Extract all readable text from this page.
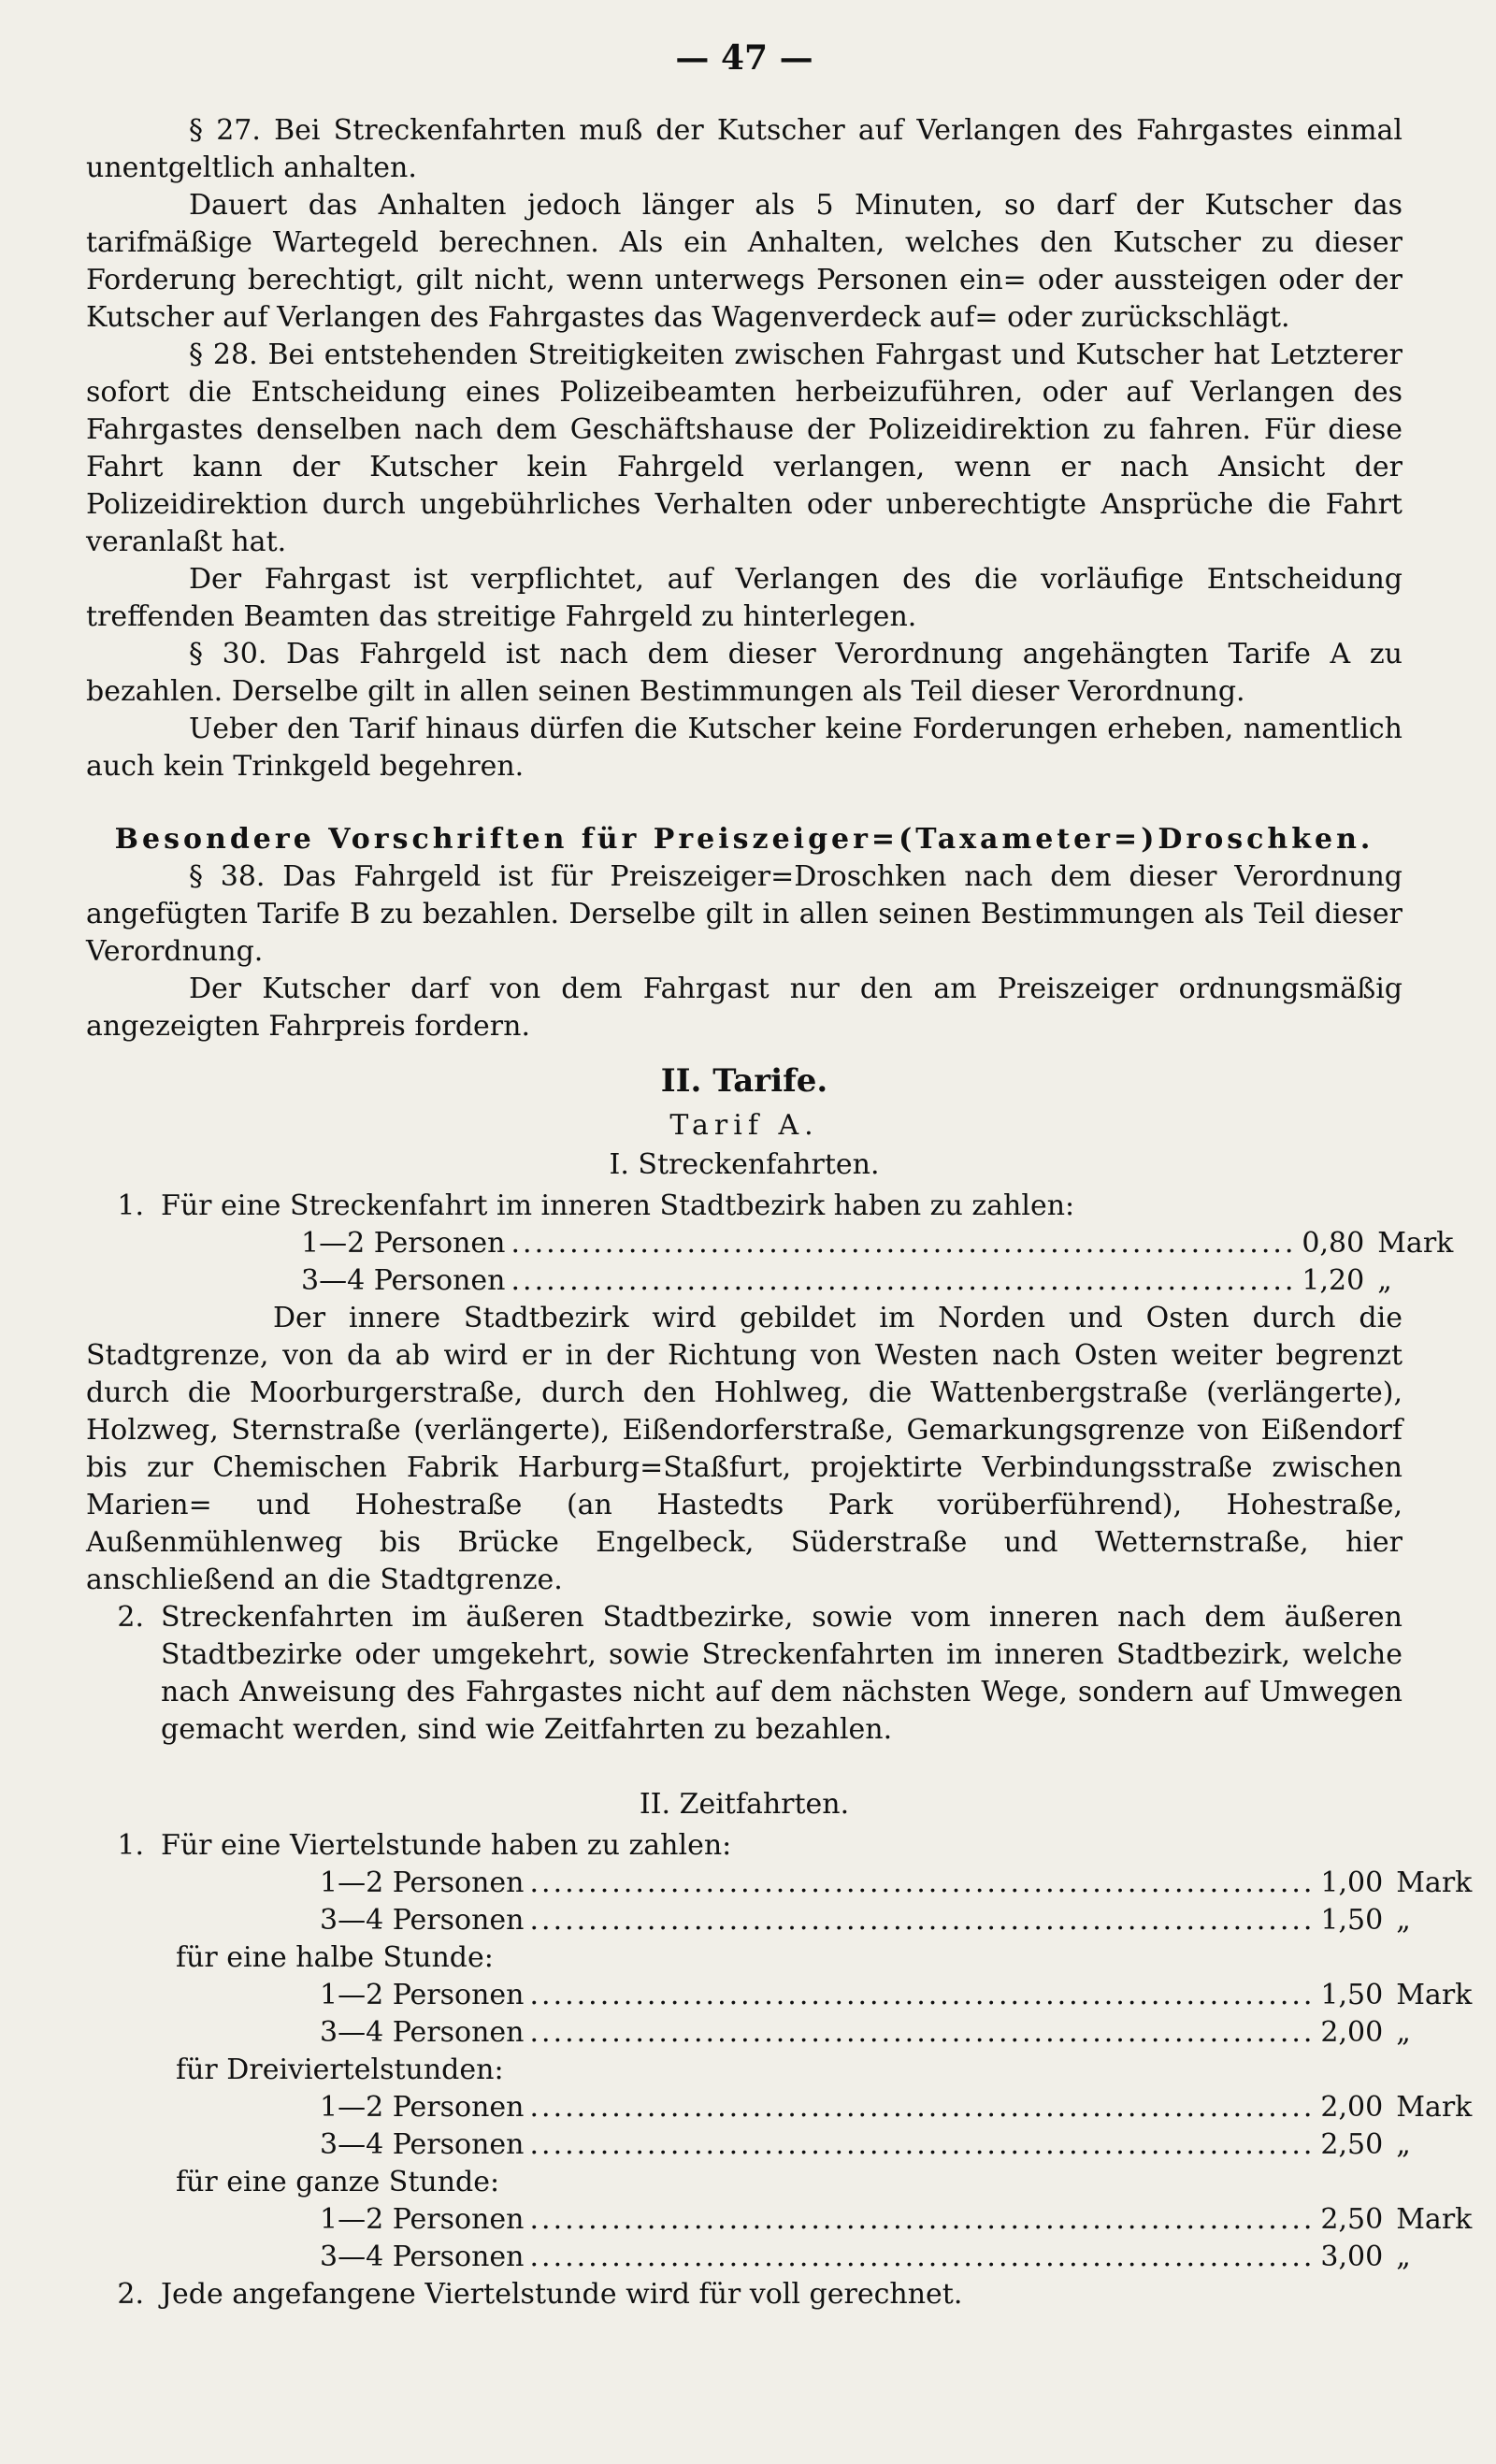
— 47 —

§ 27. Bei Streckenfahrten muß der Kutscher auf Verlangen des Fahrgastes einmal unentgeltlich anhalten.

Dauert das Anhalten jedoch länger als 5 Minuten, so darf der Kutscher das tarifmäßige Wartegeld berechnen. Als ein Anhalten, welches den Kutscher zu dieser Forderung berechtigt, gilt nicht, wenn unterwegs Personen ein= oder aussteigen oder der Kutscher auf Verlangen des Fahrgastes das Wagenverdeck auf= oder zurückschlägt.

§ 28. Bei entstehenden Streitigkeiten zwischen Fahrgast und Kutscher hat Letzterer sofort die Entscheidung eines Polizeibeamten herbeizuführen, oder auf Verlangen des Fahrgastes denselben nach dem Geschäftshause der Polizeidirektion zu fahren. Für diese Fahrt kann der Kutscher kein Fahrgeld verlangen, wenn er nach Ansicht der Polizeidirektion durch ungebührliches Verhalten oder unberechtigte Ansprüche die Fahrt veranlaßt hat.

Der Fahrgast ist verpflichtet, auf Verlangen des die vorläufige Entscheidung treffenden Beamten das streitige Fahrgeld zu hinterlegen.

§ 30. Das Fahrgeld ist nach dem dieser Verordnung angehängten Tarife A zu bezahlen. Derselbe gilt in allen seinen Bestimmungen als Teil dieser Verordnung.

Ueber den Tarif hinaus dürfen die Kutscher keine Forderungen erheben, namentlich auch kein Trinkgeld begehren.

Besondere Vorschriften für Preiszeiger=(Taxameter=)Droschken.

§ 38. Das Fahrgeld ist für Preiszeiger=Droschken nach dem dieser Verordnung angefügten Tarife B zu bezahlen. Derselbe gilt in allen seinen Bestimmungen als Teil dieser Verordnung.

Der Kutscher darf von dem Fahrgast nur den am Preiszeiger ordnungsmäßig angezeigten Fahrpreis fordern.

II. Tarife.
Tarif A.
I. Streckenfahrten.
1. Für eine Streckenfahrt im inneren Stadtbezirk haben zu zahlen:
1—2 Personen ................................................................... 0,80 Mark
3—4 Personen ................................................................... 1,20 „

Der innere Stadtbezirk wird gebildet im Norden und Osten durch die Stadtgrenze, von da ab wird er in der Richtung von Westen nach Osten weiter begrenzt durch die Moorburgerstraße, durch den Hohlweg, die Wattenbergstraße (verlängerte), Holzweg, Sternstraße (verlängerte), Eißendorferstraße, Gemarkungsgrenze von Eißendorf bis zur Chemischen Fabrik Harburg=Staßfurt, projektirte Verbindungsstraße zwischen Marien= und Hohestraße (an Hastedts Park vorüberführend), Hohestraße, Außenmühlenweg bis Brücke Engelbeck, Süderstraße und Wetternstraße, hier anschließend an die Stadtgrenze.

2. Streckenfahrten im äußeren Stadtbezirke, sowie vom inneren nach dem äußeren Stadtbezirke oder umgekehrt, sowie Streckenfahrten im inneren Stadtbezirk, welche nach Anweisung des Fahrgastes nicht auf dem nächsten Wege, sondern auf Umwegen gemacht werden, sind wie Zeitfahrten zu bezahlen.

II. Zeitfahrten.
1. Für eine Viertelstunde haben zu zahlen:
1—2 Personen ................................................................... 1,00 Mark
3—4 Personen ................................................................... 1,50 „
für eine halbe Stunde:
1—2 Personen ................................................................... 1,50 Mark
3—4 Personen ................................................................... 2,00 „
für Dreiviertelstunden:
1—2 Personen ................................................................... 2,00 Mark
3—4 Personen ................................................................... 2,50 „
für eine ganze Stunde:
1—2 Personen ................................................................... 2,50 Mark
3—4 Personen ................................................................... 3,00 „
2. Jede angefangene Viertelstunde wird für voll gerechnet.
